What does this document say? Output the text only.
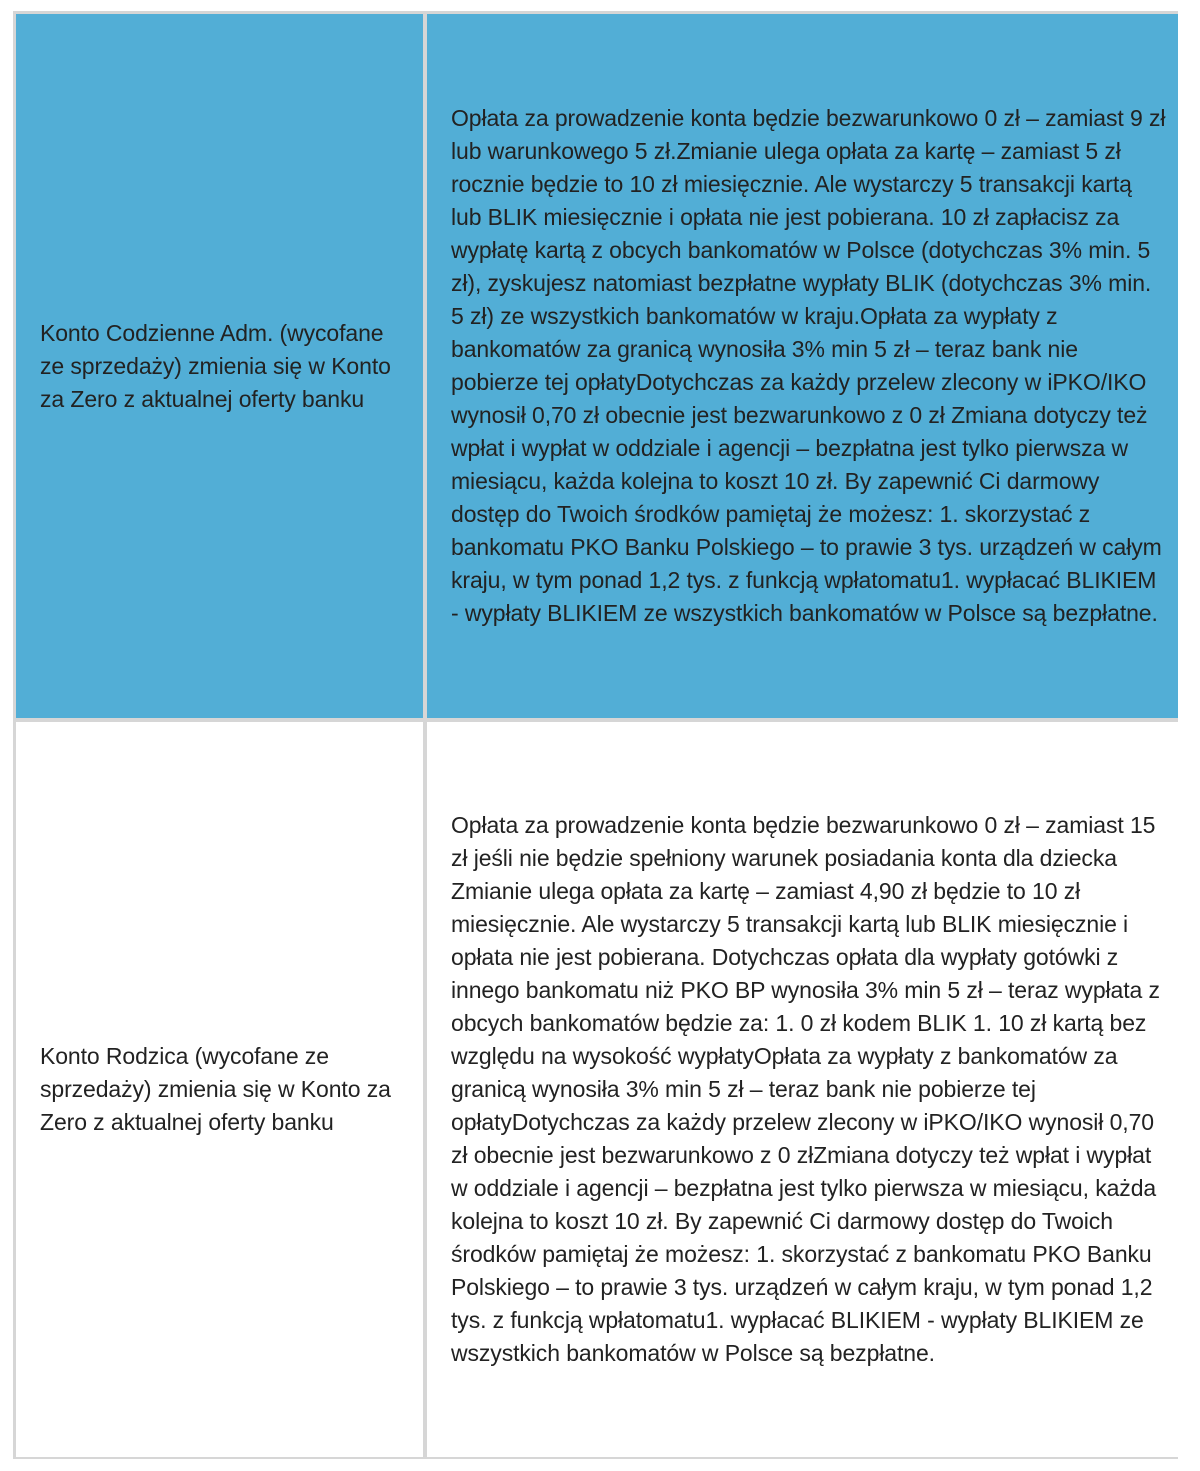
Konto Codzienne Adm. (wycofane ze sprzedaży) zmienia się w Konto za Zero z aktualnej oferty banku
Opłata za prowadzenie konta będzie bezwarunkowo 0 zł – zamiast 9 zł lub warunkowego 5 zł.Zmianie ulega opłata za kartę – zamiast 5 zł rocznie będzie to 10 zł miesięcznie. Ale wystarczy 5 transakcji kartą lub BLIK miesięcznie i opłata nie jest pobierana. 10 zł zapłacisz za wypłatę kartą z obcych bankomatów w Polsce (dotychczas 3% min. 5 zł), zyskujesz natomiast bezpłatne wypłaty BLIK (dotychczas 3% min. 5 zł) ze wszystkich bankomatów w kraju.Opłata za wypłaty z bankomatów za granicą wynosiła 3% min 5 zł – teraz bank nie pobierze tej opłatyDotychczas za każdy przelew zlecony w iPKO/IKO wynosił 0,70 zł obecnie jest bezwarunkowo z 0 zł Zmiana dotyczy też wpłat i wypłat w oddziale i agencji – bezpłatna jest tylko pierwsza w miesiącu, każda kolejna to koszt 10 zł. By zapewnić Ci darmowy dostęp do Twoich środków pamiętaj że możesz: 1. skorzystać z bankomatu PKO Banku Polskiego – to prawie 3 tys. urządzeń w całym kraju, w tym ponad 1,2 tys. z funkcją wpłatomatu1. wypłacać BLIKIEM - wypłaty BLIKIEM ze wszystkich bankomatów w Polsce są bezpłatne.
Konto Rodzica (wycofane ze sprzedaży) zmienia się w Konto za Zero z aktualnej oferty banku
Opłata za prowadzenie konta będzie bezwarunkowo 0 zł – zamiast 15 zł jeśli nie będzie spełniony warunek posiadania konta dla dziecka Zmianie ulega opłata za kartę – zamiast 4,90 zł będzie to 10 zł miesięcznie. Ale wystarczy 5 transakcji kartą lub BLIK miesięcznie i opłata nie jest pobierana. Dotychczas opłata dla wypłaty gotówki z innego bankomatu niż PKO BP wynosiła 3% min 5 zł – teraz wypłata z obcych bankomatów będzie za: 1. 0 zł kodem BLIK 1. 10 zł kartą bez względu na wysokość wypłatyOpłata za wypłaty z bankomatów za granicą wynosiła 3% min 5 zł – teraz bank nie pobierze tej opłatyDotychczas za każdy przelew zlecony w iPKO/IKO wynosił 0,70 zł obecnie jest bezwarunkowo z 0 złZmiana dotyczy też wpłat i wypłat w oddziale i agencji – bezpłatna jest tylko pierwsza w miesiącu, każda kolejna to koszt 10 zł. By zapewnić Ci darmowy dostęp do Twoich środków pamiętaj że możesz: 1. skorzystać z bankomatu PKO Banku Polskiego – to prawie 3 tys. urządzeń w całym kraju, w tym ponad 1,2 tys. z funkcją wpłatomatu1. wypłacać BLIKIEM - wypłaty BLIKIEM ze wszystkich bankomatów w Polsce są bezpłatne.
